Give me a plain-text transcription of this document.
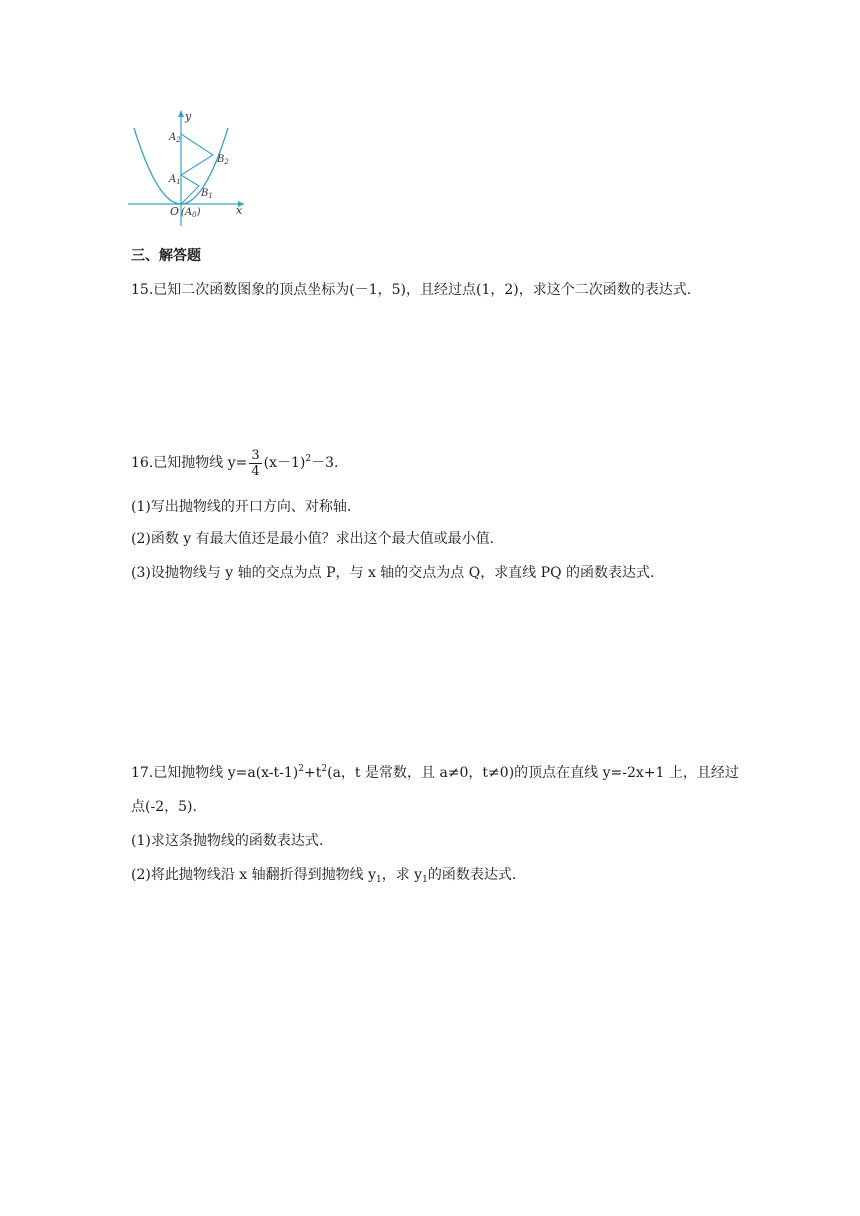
y
x
O $(A_0)$
$A_2$
$B_2$
$A_1$
$B_1$
三、解答题
15.已知二次函数图象的顶点坐标为(－1，5)，且经过点(1，2)，求这个二次函数的表达式.
16.已知抛物线 $y= \frac{3}{4} (x-1)^2-3$.
(1)写出抛物线的开口方向、对称轴.
(2)函数 y 有最大值还是最小值？求出这个最大值或最小值.
(3)设抛物线与 y 轴的交点为点 P，与 x 轴的交点为点 Q，求直线 PQ 的函数表达式.
17.已知抛物线 $y=a(x-t-1)^2+t^2(a$，t 是常数，且 a≠0，t≠0)的顶点在直线 y=-2x+1 上，且经过
点(-2，5).
(1)求这条抛物线的函数表达式.
(2)将此抛物线沿 x 轴翻折得到抛物线 $y_1$，求 $y_1$的函数表达式.
